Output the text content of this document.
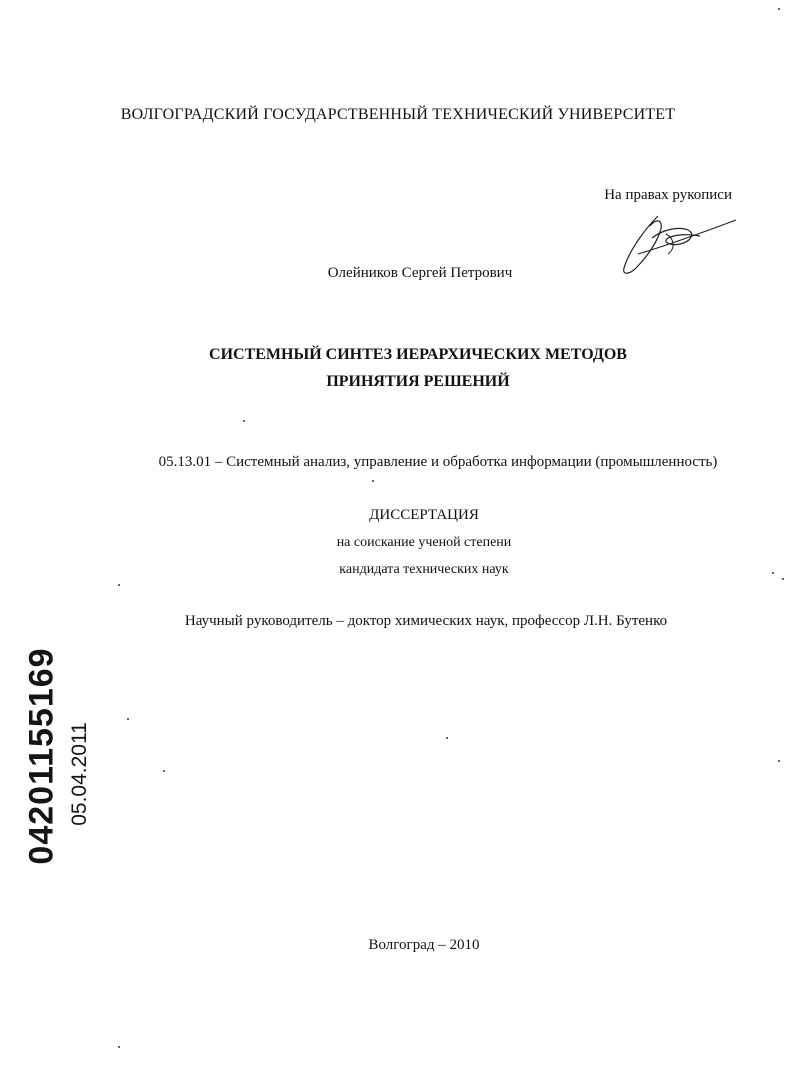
ВОЛГОГРАДСКИЙ ГОСУДАРСТВЕННЫЙ ТЕХНИЧЕСКИЙ УНИВЕРСИТЕТ
На правах рукописи
Олейников Сергей Петрович
СИСТЕМНЫЙ СИНТЕЗ ИЕРАРХИЧЕСКИХ МЕТОДОВ
ПРИНЯТИЯ РЕШЕНИЙ
05.13.01 – Системный анализ, управление и обработка информации (промышленность)
ДИССЕРТАЦИЯ
на соискание ученой степени
кандидата технических наук
Научный руководитель – доктор химических наук, профессор Л.Н. Бутенко
04201155169 05.04.2011
Волгоград – 2010
